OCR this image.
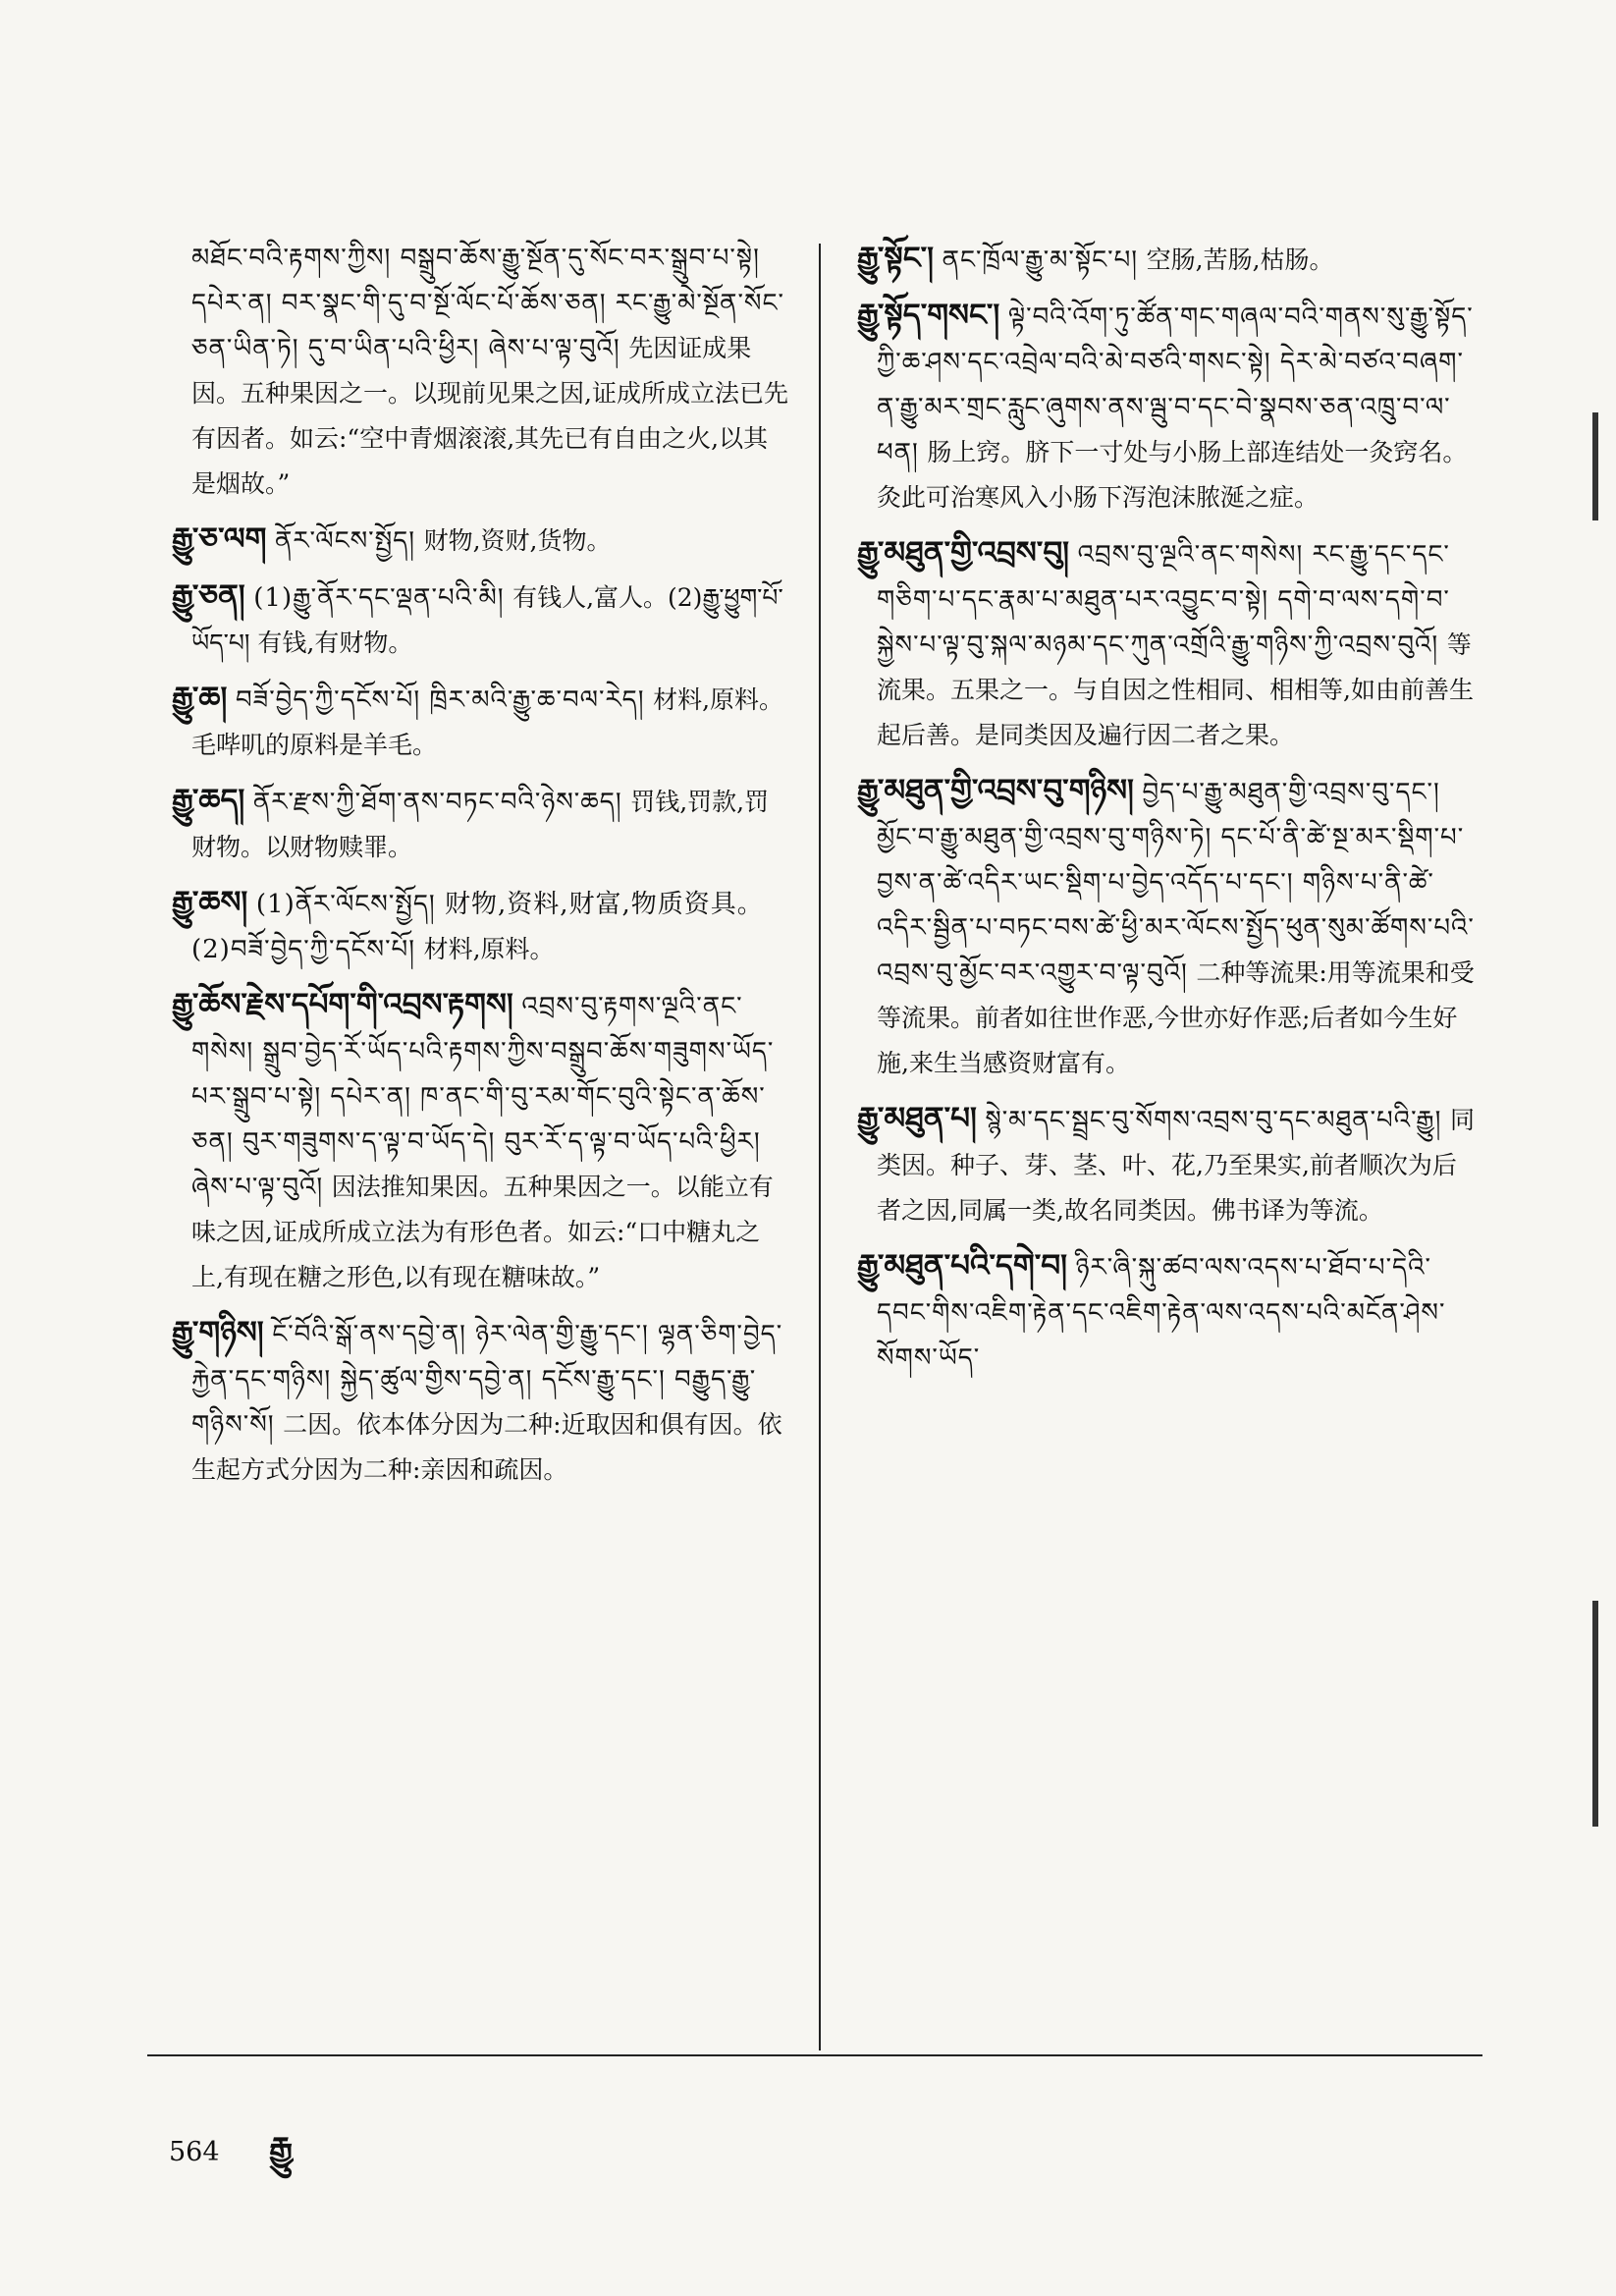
མཐོང་བའི་རྟགས་ཀྱིས། བསྒྲུབ་ཆོས་རྒྱུ་སྔོན་དུ་སོང་བར་སྒྲུབ་པ་སྟེ། དཔེར་ན། བར་སྣང་གི་དུ་བ་སྔོ་ལོང་པོ་ཆོས་ཅན། རང་རྒྱུ་མེ་སྔོན་སོང་ཅན་ཡིན་ཏེ། དུ་བ་ཡིན་པའི་ཕྱིར། ཞེས་པ་ལྟ་བུའོ། 先因证成果因。五种果因之一。以现前见果之因,证成所成立法已先有因者。如云:“空中青烟滚滚,其先已有自由之火,以其是烟故。”
རྒྱུ་ཅ་ལག ནོར་ལོངས་སྤྱོད། 财物,资财,货物。
རྒྱུ་ཅན། (1)རྒྱུ་ནོར་དང་ལྡན་པའི་མི། 有钱人,富人。(2)རྒྱུ་ཕྱུག་པོ་ཡོད་པ། 有钱,有财物。
རྒྱུ་ཆ། བཟོ་བྱེད་ཀྱི་དངོས་པོ། ཁྲིར་མའི་རྒྱུ་ཆ་བལ་རེད། 材料,原料。毛哔叽的原料是羊毛。
རྒྱུ་ཆད། ནོར་རྫས་ཀྱི་ཐོག་ནས་བཏང་བའི་ཉེས་ཆད། 罚钱,罚款,罚财物。以财物赎罪。
རྒྱུ་ཆས། (1)ནོར་ལོངས་སྤྱོད། 财物,资料,财富,物质资具。(2)བཟོ་བྱེད་ཀྱི་དངོས་པོ། 材料,原料。
རྒྱུ་ཆོས་རྗེས་དཔོག་གི་འབྲས་རྟགས། འབྲས་བུ་རྟགས་ལྔའི་ནང་གསེས། སྒྲུབ་བྱེད་རོ་ཡོད་པའི་རྟགས་ཀྱིས་བསྒྲུབ་ཆོས་གཟུགས་ཡོད་པར་སྒྲུབ་པ་སྟེ། དཔེར་ན། ཁ་ནང་གི་བུ་རམ་གོང་བུའི་སྟེང་ན་ཆོས་ཅན། བུར་གཟུགས་ད་ལྟ་བ་ཡོད་དེ། བུར་རོ་ད་ལྟ་བ་ཡོད་པའི་ཕྱིར། ཞེས་པ་ལྟ་བུའོ། 因法推知果因。五种果因之一。以能立有味之因,证成所成立法为有形色者。如云:“口中糖丸之上,有现在糖之形色,以有现在糖味故。”
རྒྱུ་གཉིས། ངོ་བོའི་སྒོ་ནས་དབྱེ་ན། ཉེར་ལེན་གྱི་རྒྱུ་དང་། ལྷན་ཅིག་བྱེད་རྐྱེན་དང་གཉིས། སྐྱེད་ཚུལ་གྱིས་དབྱེ་ན། དངོས་རྒྱུ་དང་། བརྒྱུད་རྒྱུ་གཉིས་སོ། 二因。依本体分因为二种:近取因和俱有因。依生起方式分因为二种:亲因和疏因。
རྒྱུ་སྟོང་། ནང་ཁྲོལ་རྒྱུ་མ་སྟོང་པ། 空肠,苦肠,枯肠。
རྒྱུ་སྟོད་གསང་། ལྟེ་བའི་འོག་ཏུ་ཚོན་གང་གཞལ་བའི་གནས་སུ་རྒྱུ་སྟོད་ཀྱི་ཆ་ཤས་དང་འབྲེལ་བའི་མེ་བཙའི་གསང་སྟེ། དེར་མེ་བཙའ་བཞག་ན་རྒྱུ་མར་གྲང་རླུང་ཞུགས་ནས་ལྦུ་བ་དང་བེ་སྣབས་ཅན་འཁྲུ་བ་ལ་ཕན། 肠上窍。脐下一寸处与小肠上部连结处一灸窍名。灸此可治寒风入小肠下泻泡沫脓涎之症。
རྒྱུ་མཐུན་གྱི་འབྲས་བུ། འབྲས་བུ་ལྔའི་ནང་གསེས། རང་རྒྱུ་དང་དང་གཅིག་པ་དང་རྣམ་པ་མཐུན་པར་འབྱུང་བ་སྟེ། དགེ་བ་ལས་དགེ་བ་སྐྱེས་པ་ལྟ་བུ་སྐལ་མཉམ་དང་ཀུན་འགྲོའི་རྒྱུ་གཉིས་ཀྱི་འབྲས་བུའོ། 等流果。五果之一。与自因之性相同、相相等,如由前善生起后善。是同类因及遍行因二者之果。
རྒྱུ་མཐུན་གྱི་འབྲས་བུ་གཉིས། བྱེད་པ་རྒྱུ་མཐུན་གྱི་འབྲས་བུ་དང་། མྱོང་བ་རྒྱུ་མཐུན་གྱི་འབྲས་བུ་གཉིས་ཏེ། དང་པོ་ནི་ཚེ་སྔ་མར་སྡིག་པ་བྱས་ན་ཚེ་འདིར་ཡང་སྡིག་པ་བྱེད་འདོད་པ་དང་། གཉིས་པ་ནི་ཚེ་འདིར་སྦྱིན་པ་བཏང་བས་ཚེ་ཕྱི་མར་ལོངས་སྤྱོད་ཕུན་སུམ་ཚོགས་པའི་འབྲས་བུ་མྱོང་བར་འགྱུར་བ་ལྟ་བུའོ། 二种等流果:用等流果和受等流果。前者如往世作恶,今世亦好作恶;后者如今生好施,来生当感资财富有。
རྒྱུ་མཐུན་པ། སྙེ་མ་དང་སྦྲང་བུ་སོགས་འབྲས་བུ་དང་མཐུན་པའི་རྒྱུ། 同类因。种子、芽、茎、叶、花,乃至果实,前者顺次为后者之因,同属一类,故名同类因。佛书译为等流。
རྒྱུ་མཐུན་པའི་དགེ་བ། ཉིར་ཞི་སྐུ་ཚབ་ལས་འདས་པ་ཐོབ་པ་དེའི་དབང་གིས་འཇིག་རྟེན་དང་འཇིག་རྟེན་ལས་འདས་པའི་མངོན་ཤེས་སོགས་ཡོད་
564 རྒྱུ
